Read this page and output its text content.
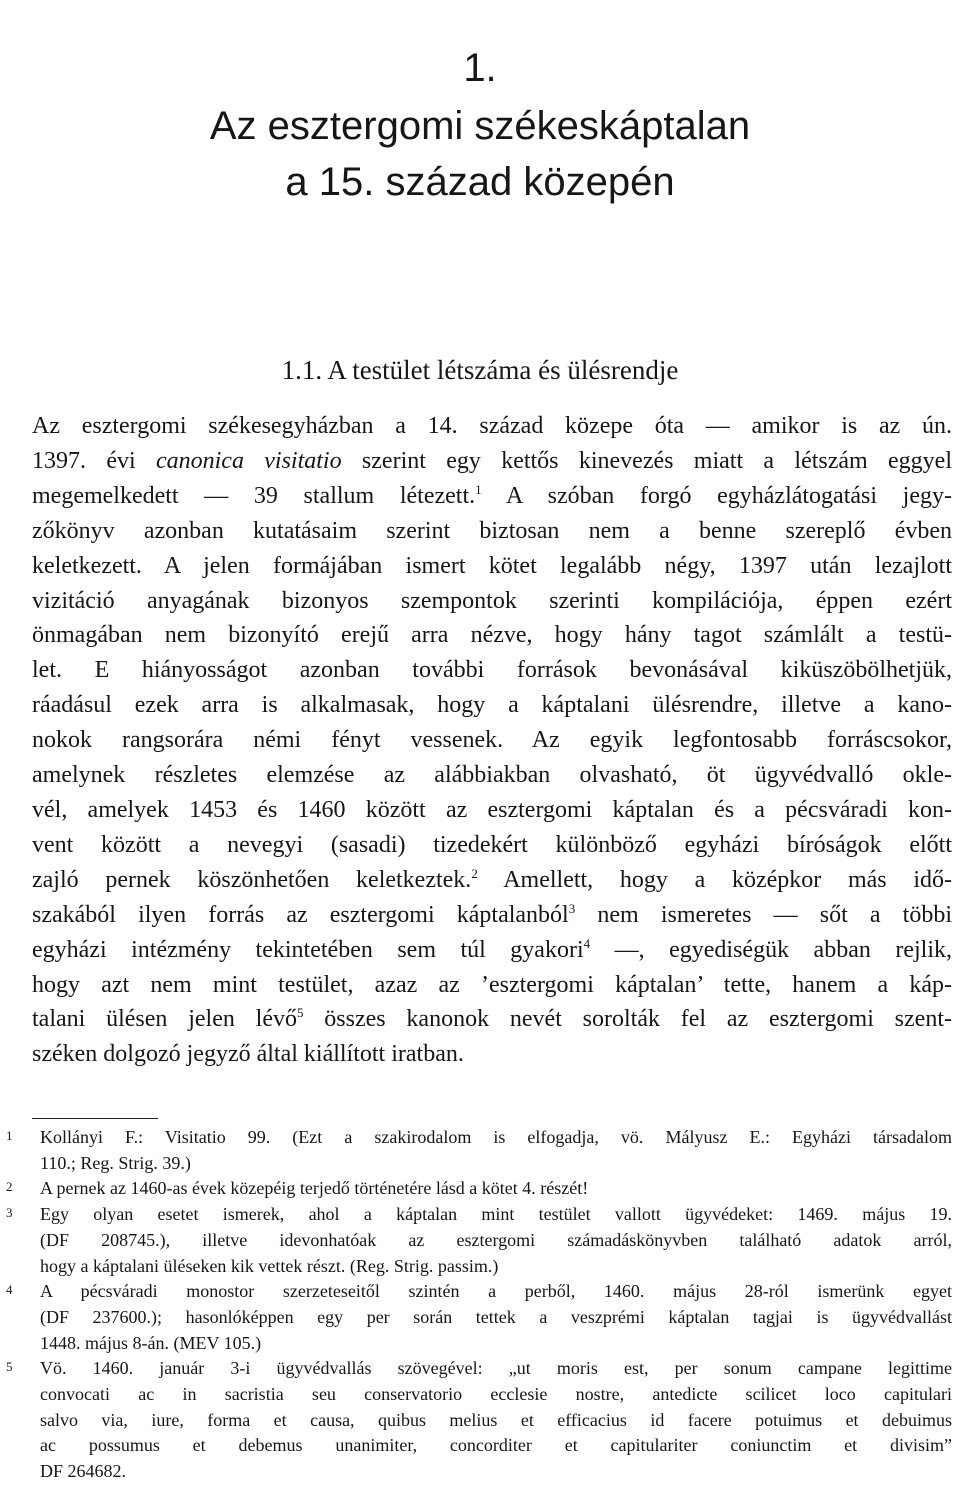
1.
Az esztergomi székeskáptalan
a 15. század közepén
1.1. A testület létszáma és ülésrendje
Az esztergomi székesegyházban a 14. század közepe óta — amikor is az ún.
1397. évi canonica visitatio szerint egy kettős kinevezés miatt a létszám eggyel
megemelkedett — 39 stallum létezett.$^1$ A szóban forgó egyházlátogatási jegy-
zőkönyv azonban kutatásaim szerint biztosan nem a benne szereplő évben
keletkezett. A jelen formájában ismert kötet legalább négy, 1397 után lezajlott
vizitáció anyagának bizonyos szempontok szerinti kompilációja, éppen ezért
önmagában nem bizonyító erejű arra nézve, hogy hány tagot számlált a testü-
let. E hiányosságot azonban további források bevonásával kiküszöbölhetjük,
ráadásul ezek arra is alkalmasak, hogy a káptalani ülésrendre, illetve a kano-
nokok rangsorára némi fényt vessenek. Az egyik legfontosabb forráscsokor,
amelynek részletes elemzése az alábbiakban olvasható, öt ügyvédvalló okle-
vél, amelyek 1453 és 1460 között az esztergomi káptalan és a pécsváradi kon-
vent között a nevegyi (sasadi) tizedekért különböző egyházi bíróságok előtt
zajló pernek köszönhetően keletkeztek.$^2$ Amellett, hogy a középkor más idő-
szakából ilyen forrás az esztergomi káptalanból$^3$ nem ismeretes — sőt a többi
egyházi intézmény tekintetében sem túl gyakori$^4$ —, egyediségük abban rejlik,
hogy azt nem mint testület, azaz az ’esztergomi káptalan’ tette, hanem a káp-
talani ülésen jelen lévő$^5$ összes kanonok nevét sorolták fel az esztergomi szent-
széken dolgozó jegyző által kiállított iratban.
1 Kollányi F.: Visitatio 99. (Ezt a szakirodalom is elfogadja, vö. Mályusz E.: Egyházi társadalom
110.; Reg. Strig. 39.)
2 A pernek az 1460-as évek közepéig terjedő történetére lásd a kötet 4. részét!
3 Egy olyan esetet ismerek, ahol a káptalan mint testület vallott ügyvédeket: 1469. május 19.
(DF 208745.), illetve idevonhatóak az esztergomi számadáskönyvben található adatok arról,
hogy a káptalani üléseken kik vettek részt. (Reg. Strig. passim.)
4 A pécsváradi monostor szerzeteseitől szintén a perből, 1460. május 28-ról ismerünk egyet
(DF 237600.); hasonlóképpen egy per során tettek a veszprémi káptalan tagjai is ügyvédvallást
1448. május 8-án. (MEV 105.)
5 Vö. 1460. január 3-i ügyvédvallás szövegével: „ut moris est, per sonum campane legittime
convocati ac in sacristia seu conservatorio ecclesie nostre, antedicte scilicet loco capitulari
salvo via, iure, forma et causa, quibus melius et efficacius id facere potuimus et debuimus
ac possumus et debemus unanimiter, concorditer et capitulariter coniunctim et divisim”
DF 264682.
